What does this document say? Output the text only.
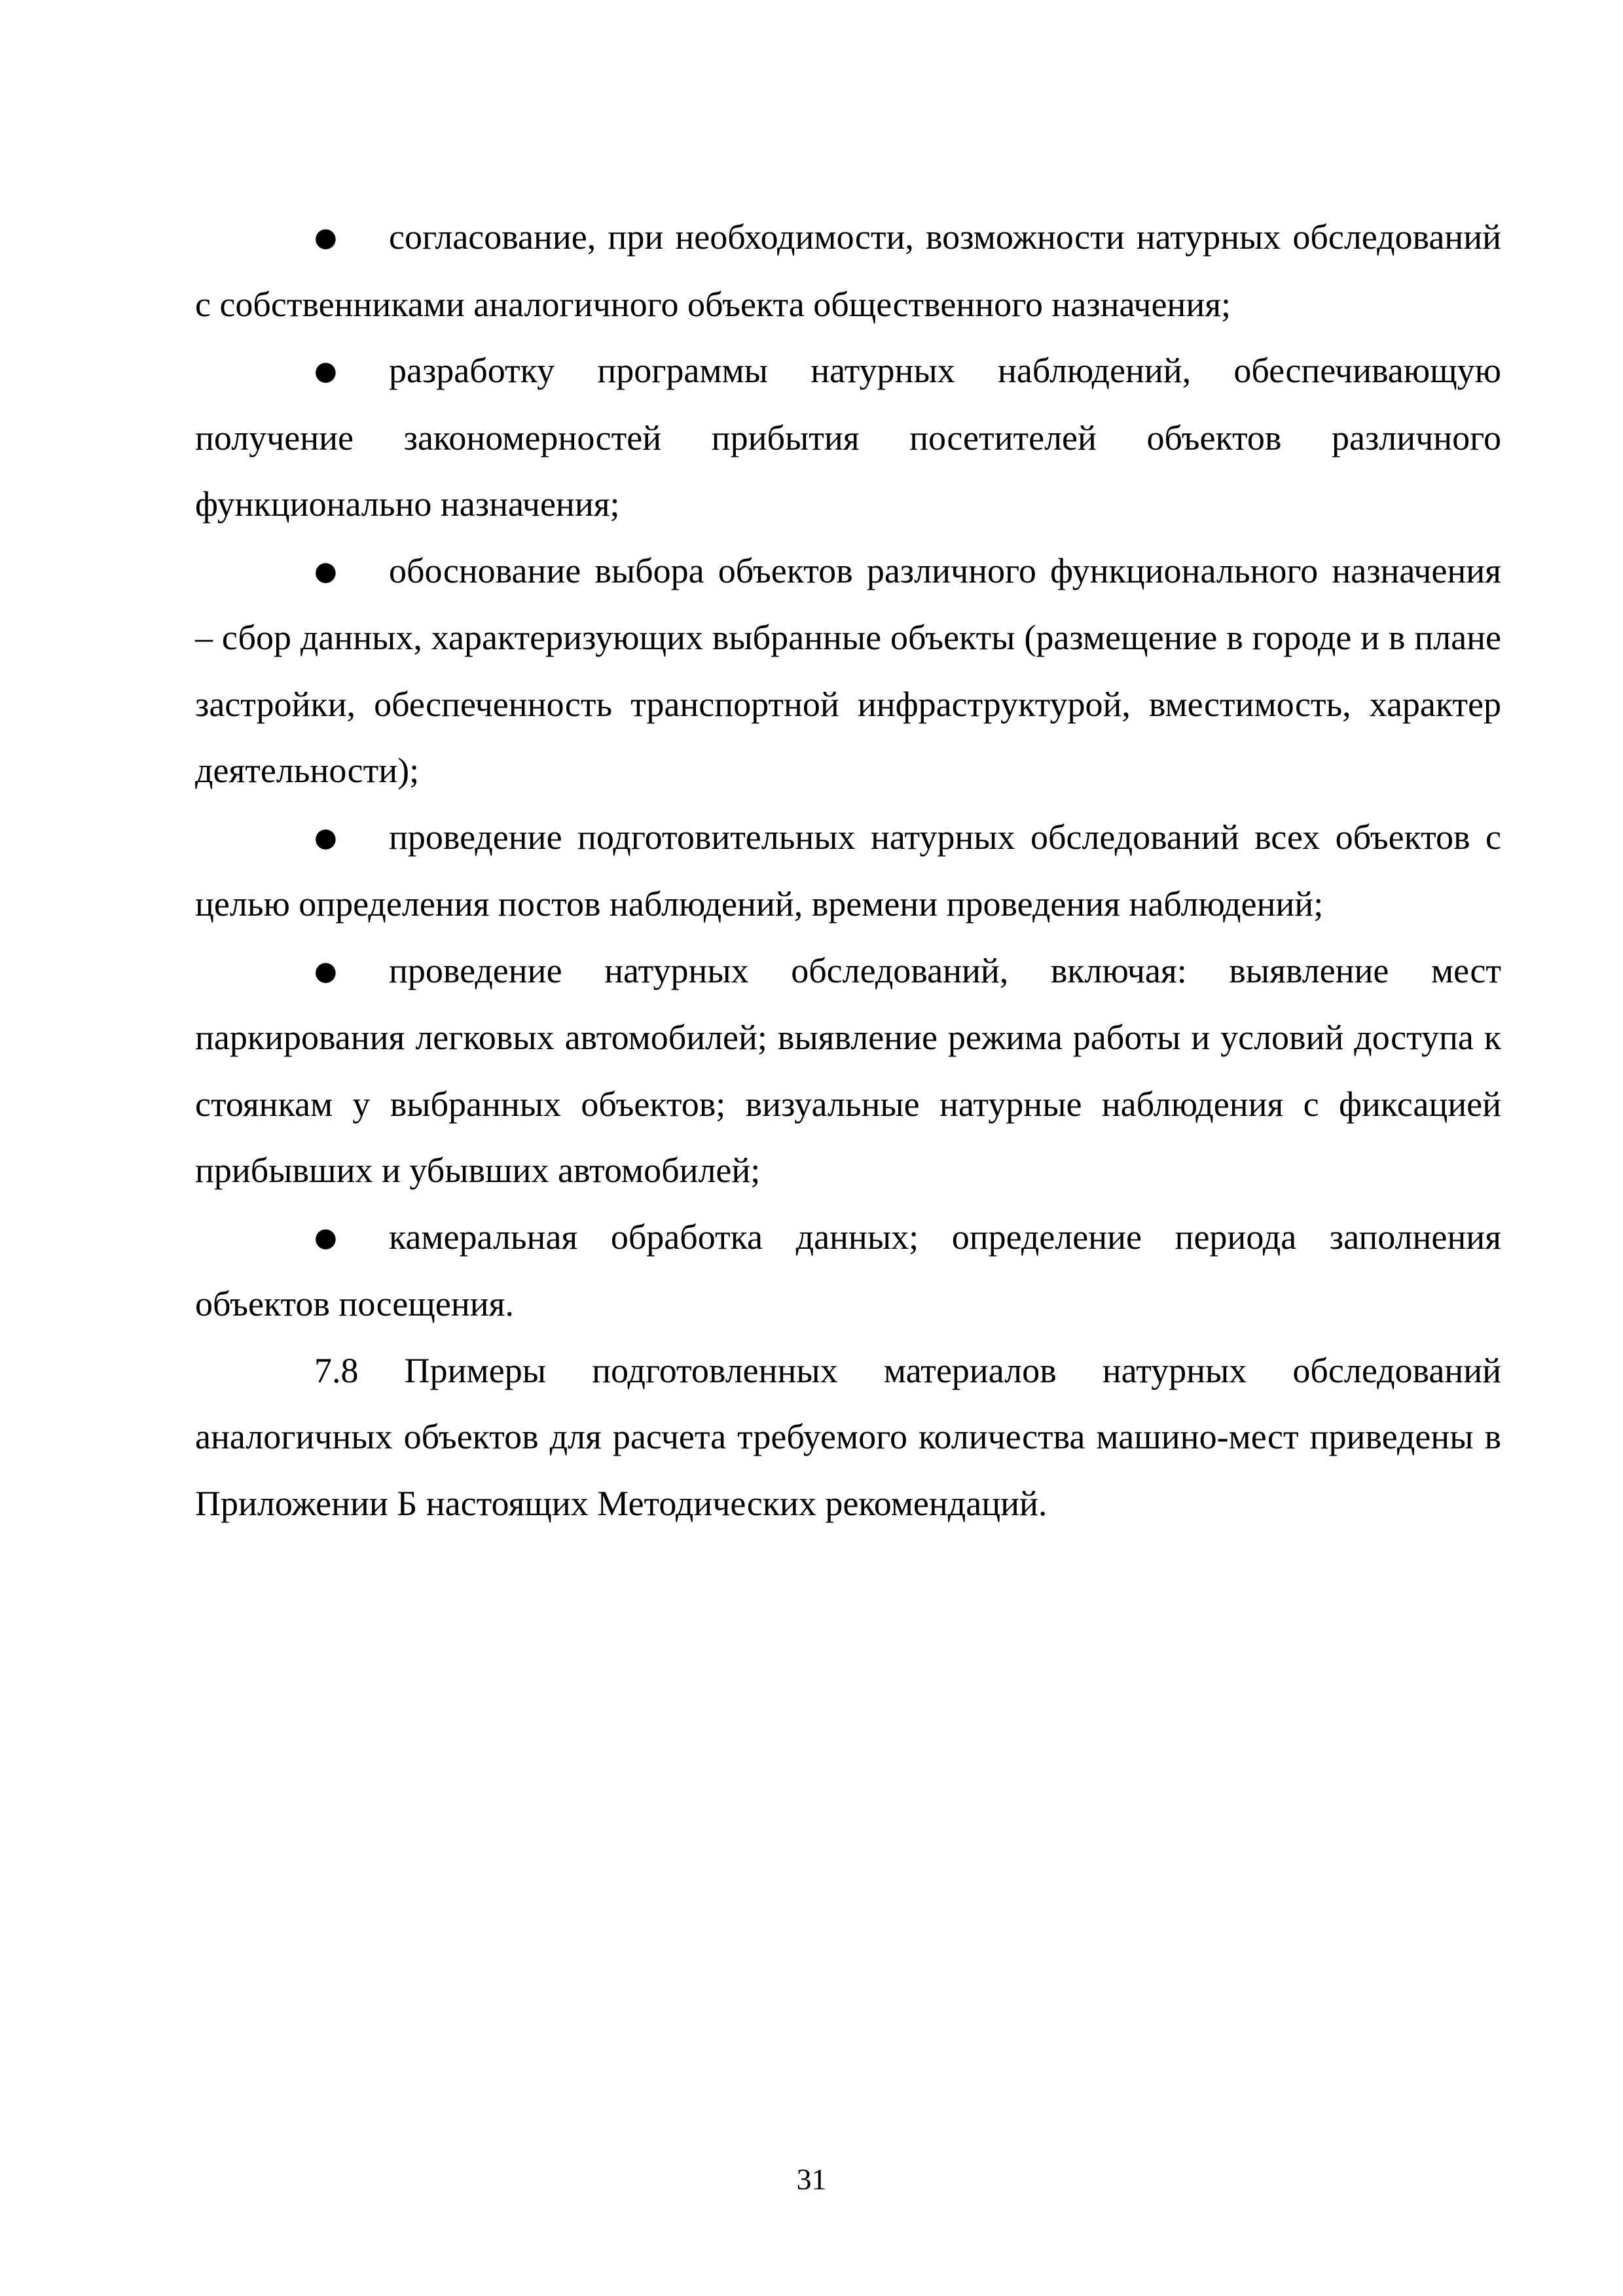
● согласование, при необходимости, возможности натурных обследований с собственниками аналогичного объекта общественного назначения;

● разработку программы натурных наблюдений, обеспечивающую получение закономерностей прибытия посетителей объектов различного функционально назначения;

● обоснование выбора объектов различного функционального назначения – сбор данных, характеризующих выбранные объекты (размещение в городе и в плане застройки, обеспеченность транспортной инфраструктурой, вместимость, характер деятельности);

● проведение подготовительных натурных обследований всех объектов с целью определения постов наблюдений, времени проведения наблюдений;

● проведение натурных обследований, включая: выявление мест паркирования легковых автомобилей; выявление режима работы и условий доступа к стоянкам у выбранных объектов; визуальные натурные наблюдения с фиксацией прибывших и убывших автомобилей;

● камеральная обработка данных; определение периода заполнения объектов посещения.

7.8 Примеры подготовленных материалов натурных обследований аналогичных объектов для расчета требуемого количества машино-мест приведены в Приложении Б настоящих Методических рекомендаций.

31
